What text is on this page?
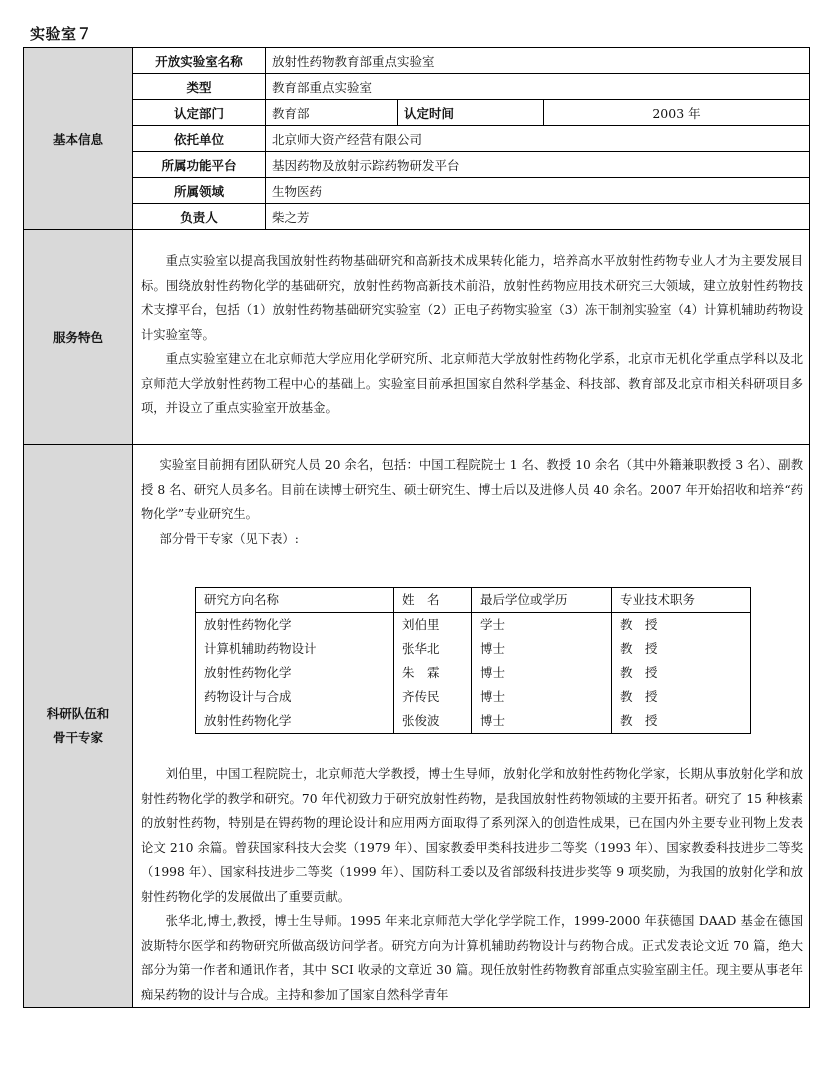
实验室７
基本信息	开放实验室名称	放射性药物教育部重点实验室
类型	教育部重点实验室
认定部门	教育部	认定时间	2003 年
依托单位	北京师大资产经营有限公司
所属功能平台	基因药物及放射示踪药物研发平台
所属领域	生物医药
负责人	柴之芳
服务特色	

重点实验室以提高我国放射性药物基础研究和高新技术成果转化能力，培养高水平放射性药物专业人才为主要发展目标。围绕放射性药物化学的基础研究，放射性药物高新技术前沿，放射性药物应用技术研究三大领域，建立放射性药物技术支撑平台，包括（1）放射性药物基础研究实验室（2）正电子药物实验室（3）冻干制剂实验室（4）计算机辅助药物设计实验室等。

重点实验室建立在北京师范大学应用化学研究所、北京师范大学放射性药物化学系，北京市无机化学重点学科以及北京师范大学放射性药物工程中心的基础上。实验室目前承担国家自然科学基金、科技部、教育部及北京市相关科研项目多项，并设立了重点实验室开放基金。

科研队伍和
骨干专家

实验室目前拥有团队研究人员 20 余名，包括：中国工程院院士 1 名、教授 10 余名（其中外籍兼职教授 3 名）、副教授 8 名、研究人员多名。目前在读博士研究生、硕士研究生、博士后以及进修人员 40 余名。2007 年开始招收和培养“药物化学”专业研究生。

部分骨干专家（见下表）:

研究方向名称	姓　名	最后学位或学历	专业技术职务
放射性药物化学	刘伯里	学士	教　授
计算机辅助药物设计	张华北	博士	教　授
放射性药物化学	朱　霖	博士	教　授
药物设计与合成	齐传民	博士	教　授
放射性药物化学	张俊波	博士	教　授

刘伯里，中国工程院院士，北京师范大学教授，博士生导师，放射化学和放射性药物化学家，长期从事放射化学和放射性药物化学的教学和研究。70 年代初致力于研究放射性药物，是我国放射性药物领域的主要开拓者。研究了 15 种核素的放射性药物，特别是在锝药物的理论设计和应用两方面取得了系列深入的创造性成果，已在国内外主要专业刊物上发表论文 210 余篇。曾获国家科技大会奖（1979 年）、国家教委甲类科技进步二等奖（1993 年）、国家教委科技进步二等奖（1998 年）、国家科技进步二等奖（1999 年）、国防科工委以及省部级科技进步奖等 9 项奖励，为我国的放射化学和放射性药物化学的发展做出了重要贡献。

张华北,博士,教授，博士生导师。1995 年来北京师范大学化学学院工作，1999-2000 年获德国 DAAD 基金在德国波斯特尔医学和药物研究所做高级访问学者。研究方向为计算机辅助药物设计与药物合成。正式发表论文近 70 篇，绝大部分为第一作者和通讯作者，其中 SCI 收录的文章近 30 篇。现任放射性药物教育部重点实验室副主任。现主要从事老年痴呆药物的设计与合成。主持和参加了国家自然科学青年
